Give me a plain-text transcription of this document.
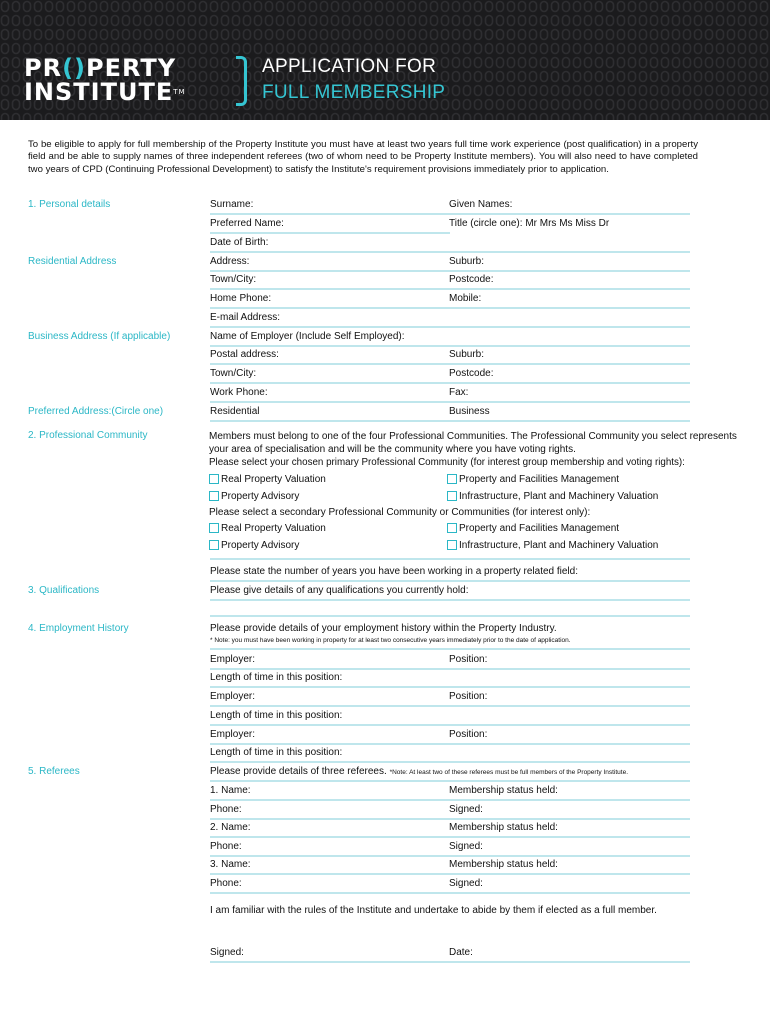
PR()PERTY
INSTITUTE™
APPLICATION FOR
FULL MEMBERSHIP
To be eligible to apply for full membership of the Property Institute you must have at least two years full time work experience (post qualification) in a property field and be able to supply names of three independent referees (two of whom need to be Property Institute members). You will also need to have completed two years of CPD (Continuing Professional Development) to satisfy the Institute's requirement provisions immediately prior to application.
1. Personal details	Surname:	Given Names:
Preferred Name:	Title (circle one): Mr Mrs Ms Miss Dr
Date of Birth:
Residential Address	Address:	Suburb:
Town/City:	Postcode:
Home Phone:	Mobile:
E-mail Address:
Business Address (If applicable)	Name of Employer (Include Self Employed):
Postal address:	Suburb:
Town/City:	Postcode:
Work Phone:	Fax:
Preferred Address:(Circle one)	Residential	Business
2. Professional Community	Members must belong to one of the four Professional Communities. The Professional Community you select represents your area of specialisation and will be the community where you have voting rights.
Please select your chosen primary Professional Community (for interest group membership and voting rights):
Real Property Valuation	Property and Facilities Management
Property Advisory	Infrastructure, Plant and Machinery Valuation
Please select a secondary Professional Community or Communities (for interest only):
Real Property Valuation	Property and Facilities Management
Property Advisory	Infrastructure, Plant and Machinery Valuation
Please state the number of years you have been working in a property related field:
3. Qualifications	Please give details of any qualifications you currently hold:
4. Employment History	Please provide details of your employment history within the Property Industry.
* Note: you must have been working in property for at least two consecutive years immediately prior to the date of application.
Employer:	Position:
Length of time in this position:
Employer:	Position:
Length of time in this position:
Employer:	Position:
Length of time in this position:
5. Referees	Please provide details of three referees. *Note: At least two of these referees must be full members of the Property Institute.
1. Name:	Membership status held:
Phone:	Signed:
2. Name:	Membership status held:
Phone:	Signed:
3. Name:	Membership status held:
Phone:	Signed:
I am familiar with the rules of the Institute and undertake to abide by them if elected as a full member.
Signed:	Date:
